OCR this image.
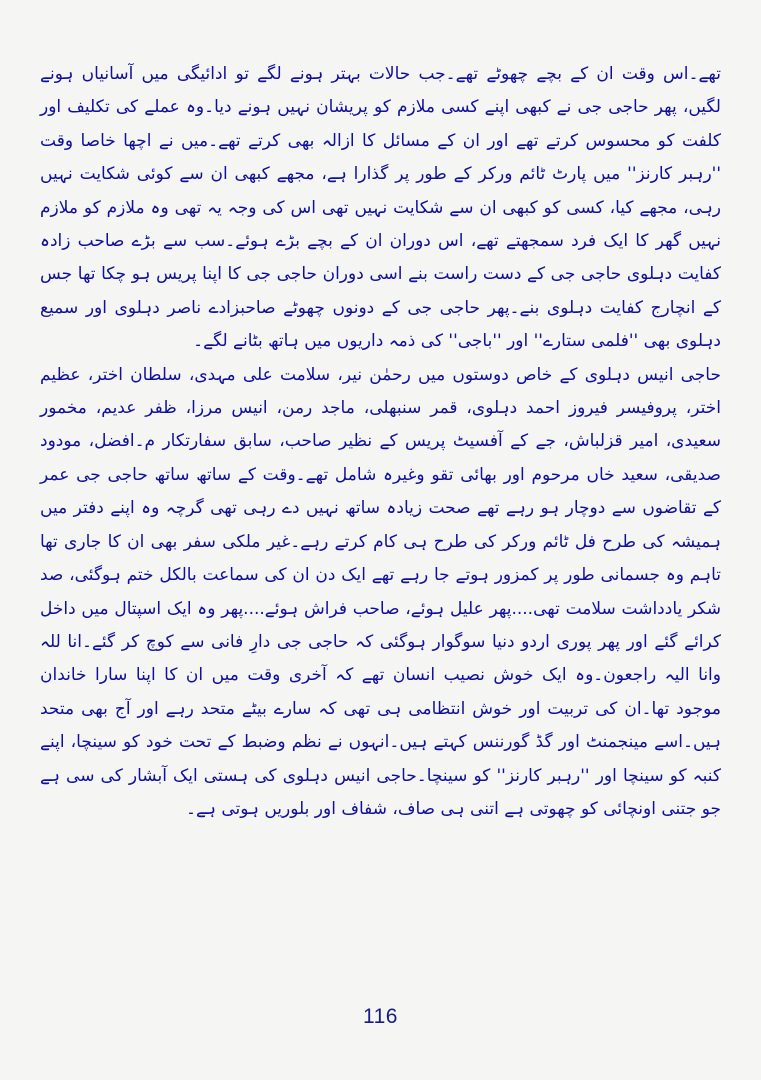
تھے۔اس وقت ان کے بچے چھوٹے تھے۔جب حالات بہتر ہونے لگے تو ادائیگی میں آسانیاں ہونے لگیں، پھر حاجی جی نے کبھی اپنے کسی ملازم کو پریشان نہیں ہونے دیا۔وہ عملے کی تکلیف اور کلفت کو محسوس کرتے تھے اور ان کے مسائل کا ازالہ بھی کرتے تھے۔میں نے اچھا خاصا وقت ''رہبر کارنز'' میں پارٹ ٹائم ورکر کے طور پر گذارا ہے، مجھے کبھی ان سے کوئی شکایت نہیں رہی، مجھے کیا، کسی کو کبھی ان سے شکایت نہیں تھی اس کی وجہ یہ تھی وہ ملازم کو ملازم نہیں گھر کا ایک فرد سمجھتے تھے، اس دوران ان کے بچے بڑے ہوئے۔سب سے بڑے صاحب زادہ کفایت دہلوی حاجی جی کے دست راست بنے اسی دوران حاجی جی کا اپنا پریس ہو چکا تھا جس کے انچارج کفایت دہلوی بنے۔پھر حاجی جی کے دونوں چھوٹے صاحبزادے ناصر دہلوی اور سمیع دہلوی بھی ''فلمی ستارے'' اور ''باجی'' کی ذمہ داریوں میں ہاتھ بٹانے لگے۔

حاجی انیس دہلوی کے خاص دوستوں میں رحمٰن نیر، سلامت علی مہدی، سلطان اختر، عظیم اختر، پروفیسر فیروز احمد دہلوی، قمر سنبھلی، ماجد رمن، انیس مرزا، ظفر عدیم، مخمور سعیدی، امیر قزلباش، جے کے آفسیٹ پریس کے نظیر صاحب، سابق سفارتکار م۔افضل، مودود صدیقی، سعید خاں مرحوم اور بھائی تقو وغیرہ شامل تھے۔وقت کے ساتھ ساتھ حاجی جی عمر کے تقاضوں سے دوچار ہو رہے تھے صحت زیادہ ساتھ نہیں دے رہی تھی گرچہ وہ اپنے دفتر میں ہمیشہ کی طرح فل ٹائم ورکر کی طرح ہی کام کرتے رہے۔غیر ملکی سفر بھی ان کا جاری تھا تاہم وہ جسمانی طور پر کمزور ہوتے جا رہے تھے ایک دن ان کی سماعت بالکل ختم ہوگئی، صد شکر یادداشت سلامت تھی....پھر علیل ہوئے، صاحب فراش ہوئے....پھر وہ ایک اسپتال میں داخل کرائے گئے اور پھر پوری اردو دنیا سوگوار ہوگئی کہ حاجی جی دارِ فانی سے کوچ کر گئے۔انا للہ وانا الیہ راجعون۔وہ ایک خوش نصیب انسان تھے کہ آخری وقت میں ان کا اپنا سارا خاندان موجود تھا۔ان کی تربیت اور خوش انتظامی ہی تھی کہ سارے بیٹے متحد رہے اور آج بھی متحد ہیں۔اسے مینجمنٹ اور گڈ گورننس کہتے ہیں۔انہوں نے نظم وضبط کے تحت خود کو سینچا، اپنے کنبہ کو سینچا اور ''رہبر کارنز'' کو سینچا۔حاجی انیس دہلوی کی ہستی ایک آبشار کی سی ہے جو جتنی اونچائی کو چھوتی ہے اتنی ہی صاف، شفاف اور بلوریں ہوتی ہے۔

116
